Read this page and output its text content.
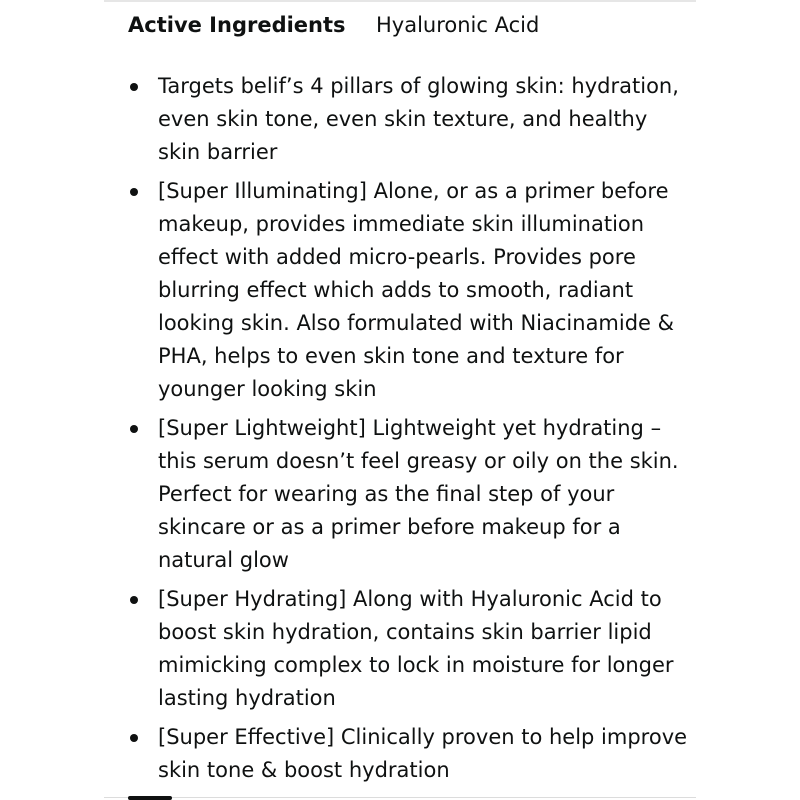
Active Ingredients	Hyaluronic Acid
Targets belif’s 4 pillars of glowing skin: hydration, even skin tone, even skin texture, and healthy skin barrier
[Super Illuminating] Alone, or as a primer before makeup, provides immediate skin illumination effect with added micro-pearls. Provides pore blurring effect which adds to smooth, radiant looking skin. Also formulated with Niacinamide & PHA, helps to even skin tone and texture for younger looking skin
[Super Lightweight] Lightweight yet hydrating – this serum doesn’t feel greasy or oily on the skin. Perfect for wearing as the final step of your skincare or as a primer before makeup for a natural glow
[Super Hydrating] Along with Hyaluronic Acid to boost skin hydration, contains skin barrier lipid mimicking complex to lock in moisture for longer lasting hydration
[Super Effective] Clinically proven to help improve skin tone & boost hydration
